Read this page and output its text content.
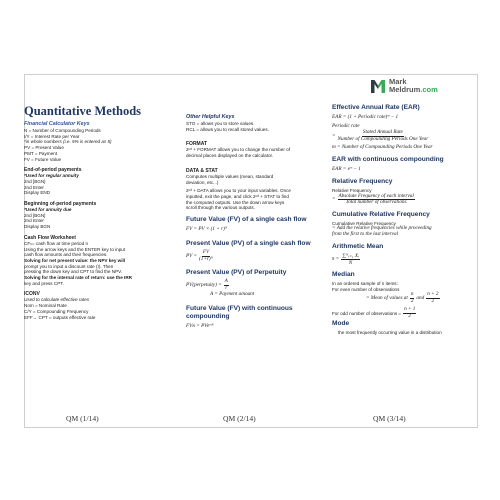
Mark
Meldrum.com
Quantitative Methods
Financial Calculator Keys
N = Number of Compounding Periods
I/Y = Interest Rate per Year
*in whole numbers (i.e. 5% is entered as 5)
PV = Present Value
PMT = Payment
FV = Future Value
End-of-period payments
*Used for regular annuity
2nd [BGN]
2nd Enter
Display END
Beginning of-period payments
*Used for annuity due
2nd [BGN]
2nd Enter
Display BGN
Cash Flow Worksheet
CFₙ= cash flow at time period n
Using the arrow keys and the ENTER key to input
cash flow amounts and their frequencies.
Solving for net present value: the NPV key will
prompt you to input a discount rate (I). Then
pressing the down key and CPT to find the NPV.
Solving for the internal rate of return: use the IRR
key and press CPT.
ICONV
Used to calculate effective rates
Nom = Nominal Rate
C/Y = Compounding Frequency
EFF→ CPT = outputs effective rate
Other Helpful Keys
STO = allows you to store values.
RCL = allows you to recall stored values.
FORMAT
2ⁿᵈ + FORMAT allows you to change the number of
decimal places displayed on the calculator.
DATA & STAT
Computes multiple values (mean, standard
deviation, etc...)
2ⁿᵈ + DATA allows you to your input variables. Once
inputted, exit the page, and click 2ⁿᵈ + STAT to find
the computed outputs. Use the down arrow keys
scroll through the various outputs.
Future Value (FV) of a single cash flow
FV = PV × (1 + r)ᴺ
Present Value (PV) of a single cash flow
PV = $\frac{FV}{\text{(1+r)ᴺ}}$
Present Value (PV) of Perpetuity
PV(perpetuity) = $\frac{A}{r}$
A = Payment amount
Future Value (FV) with continuous compounding
FVɴ = PVeʳˢᴺ
Effective Annual Rate (EAR)
EAR = (1 + Periodic rate)ᵐ − 1
Periodic rate
=
Stated Annual Rate
Number of Compounding Periods One Year
m = Number of Compounding Periods One Year
EAR with continuous compounding
EAR = eʳˢ − 1
Relative Frequency
Relative Frequency
=
Absolute Frequency of each interval
Total number of observations
Cumulative Relative Frequency
Cumulative Relative Frequency
= Add the relative frequencies while proceeding
from the first to the last interval
Arithmetic Mean
x̄ = $\frac{\text{∑ᴺᵢ₌₁ Xᵢ}}{N}$
Median
In an ordered sample of n items:
For even number of observations
= Mean of values at $\frac{n}{2}$ and $\frac{n + 2}{2}$
For odd number of observations = $\frac{n + 1}{2}$
Mode
the most frequently occurring value in a distribution
QM (1/14)	QM (2/14)	QM (3/14)
